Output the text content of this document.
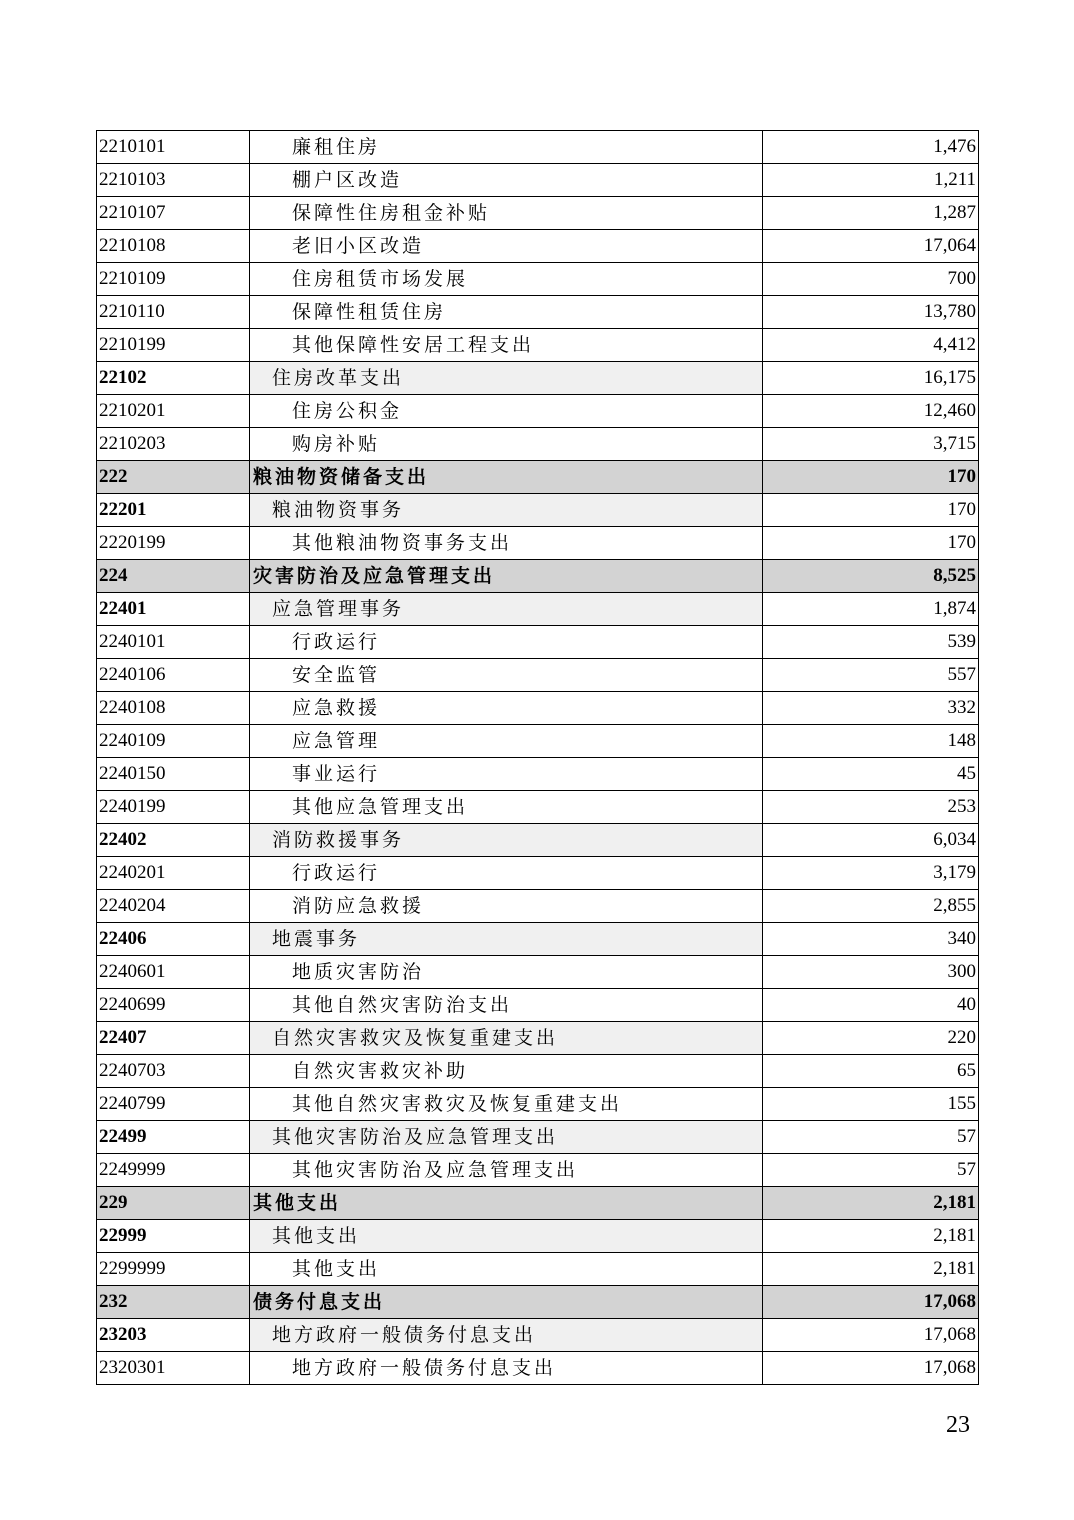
2210101	廉租住房	1,476
2210103	棚户区改造	1,211
2210107	保障性住房租金补贴	1,287
2210108	老旧小区改造	17,064
2210109	住房租赁市场发展	700
2210110	保障性租赁住房	13,780
2210199	其他保障性安居工程支出	4,412
22102	住房改革支出	16,175
2210201	住房公积金	12,460
2210203	购房补贴	3,715
222	粮油物资储备支出	170
22201	粮油物资事务	170
2220199	其他粮油物资事务支出	170
224	灾害防治及应急管理支出	8,525
22401	应急管理事务	1,874
2240101	行政运行	539
2240106	安全监管	557
2240108	应急救援	332
2240109	应急管理	148
2240150	事业运行	45
2240199	其他应急管理支出	253
22402	消防救援事务	6,034
2240201	行政运行	3,179
2240204	消防应急救援	2,855
22406	地震事务	340
2240601	地质灾害防治	300
2240699	其他自然灾害防治支出	40
22407	自然灾害救灾及恢复重建支出	220
2240703	自然灾害救灾补助	65
2240799	其他自然灾害救灾及恢复重建支出	155
22499	其他灾害防治及应急管理支出	57
2249999	其他灾害防治及应急管理支出	57
229	其他支出	2,181
22999	其他支出	2,181
2299999	其他支出	2,181
232	债务付息支出	17,068
23203	地方政府一般债务付息支出	17,068
2320301	地方政府一般债务付息支出	17,068
23
